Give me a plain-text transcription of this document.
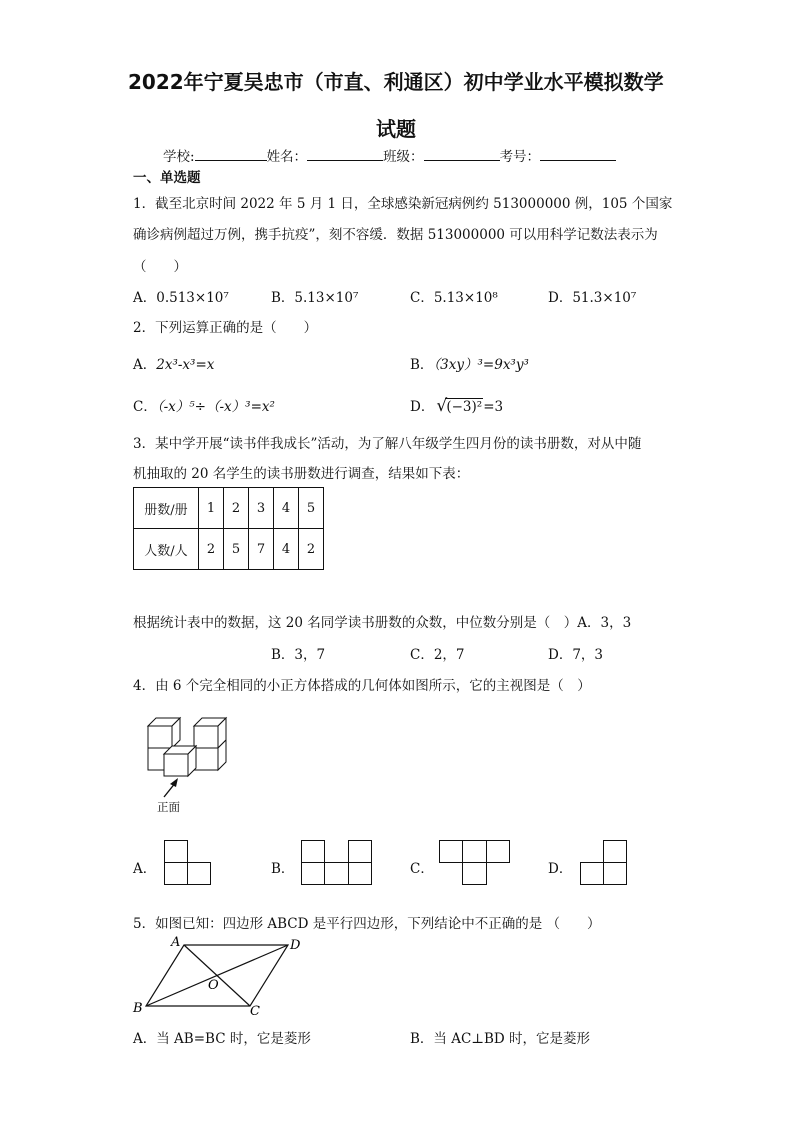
2022年宁夏吴忠市（市直、利通区）初中学业水平模拟数学
试题
学校:	姓名：	班级：	考号：
一、单选题
1．截至北京时间 2022 年 5 月 1 日，全球感染新冠病例约 513000000 例，105 个国家
确诊病例超过万例，携手抗疫”，刻不容缓．数据 513000000 可以用科学记数法表示为
（　　）
A．0.513×10⁷	B．5.13×10⁷	C．5.13×10⁸	D．51.3×10⁷
2．下列运算正确的是（　　）
A．2x³-x³=x	B．（3xy）³=9x³y³
C．（-x）⁵÷（-x）³=x²	D． √ (−3)²=3
3．某中学开展“读书伴我成长”活动，为了解八年级学生四月份的读书册数，对从中随
机抽取的 20 名学生的读书册数进行调查，结果如下表：
册数/册	1	2	3	4	5
人数/人	2	5	7	4	2
根据统计表中的数据，这 20 名同学读书册数的众数，中位数分别是（　）A．3，3
B．3，7	C．2，7	D．7，3
4．由 6 个完全相同的小正方体搭成的几何体如图所示，它的主视图是（　）
正面
A．	B．	C．	D．
5．如图已知：四边形 ABCD 是平行四边形，下列结论中不正确的是 （　　）
A	D
B	C
O
A．当 AB=BC 时，它是菱形	B．当 AC⊥BD 时，它是菱形
